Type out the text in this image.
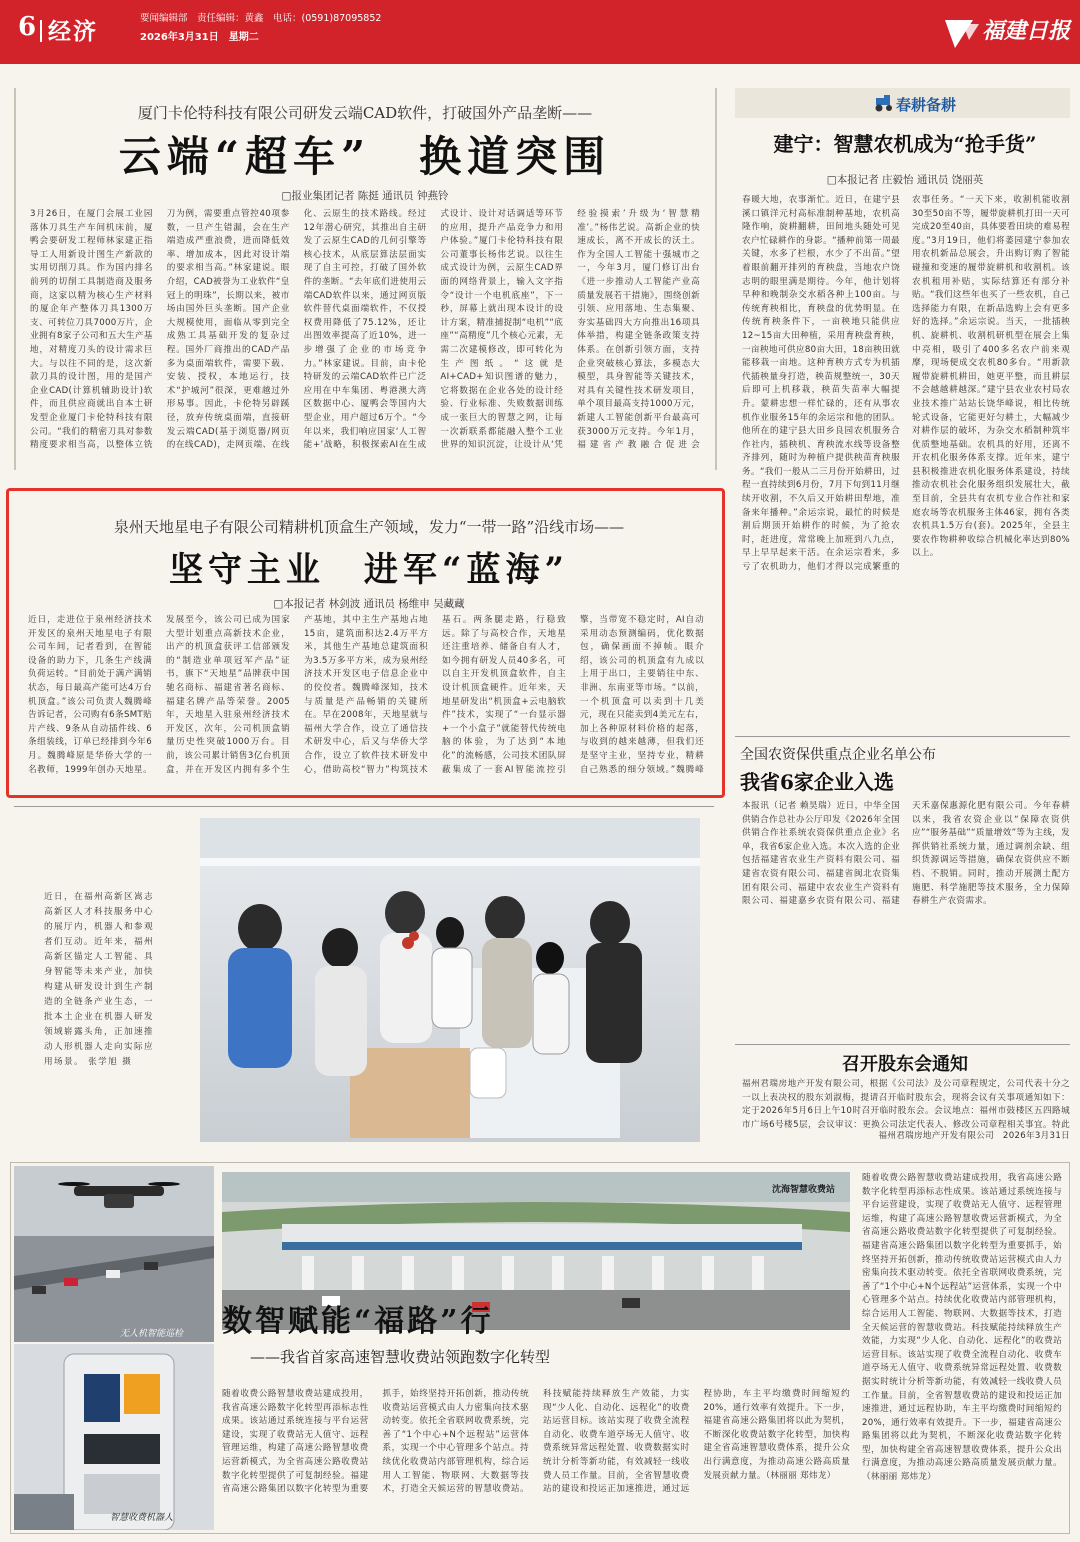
6 经济	要闻编辑部　责任编辑：黄鑫　电话：(0591)87095852
2026年3月31日　星期二	福建日报
厦门卡伦特科技有限公司研发云端CAD软件，打破国外产品垄断——
云端“超车”　换道突围
□报业集团记者 陈挺 通讯员 钟燕铃
3月26日，在厦门会展工业园落体刀具生产车间机床前，厦鸭会要研发工程师林家建正指导工人用新设计图生产新款的实用切削刀具。作为国内排名前列的切削工具制造商及服务商，这家以精为核心生产材料的厦企年产整体刀具1300万支、可转位刀具7000万片，企业拥有8家子公司和五大生产基地，对精度刀头的设计需求巨大。与以往不同的是，这次新款刀具的设计图，用的是国产企业CAD(计算机辅助设计)软件，而且供应商就出自本土研发型企业厦门卡伦特科技有限公司。“我们的精密刀具对参数精度要求相当高，以整体立铣刀为例，需要重点管控40项参数，一旦产生错漏，会在生产端造成严重浪费，进而降低效率、增加成本，因此对设计端的要求相当高。”林家建说。眼介绍，CAD被誉为工业软件“皇冠上的明珠”，长期以来，被市场由国外巨头垄断。国产企业大规模使用，面临从零到完全成熟工具基础开发的复杂过程。国外厂商推出的CAD产品多为桌面端软件，需要下载、安装、授权，本地运行，技术“护城河”很深，更难越过外形易事。因此，卡伦特另辟蹊径，放弃传统桌面端，直接研发云端CAD(基于浏览器/网页的在线CAD)，走网页端、在线化、云原生的技术路线。经过12年潜心研究，其推出自主研发了云原生CAD的几何引擎等核心技术，从底层算法层面实现了自主可控，打破了国外软件的垄断。“去年底们进使用云端CAD软件以来，通过网页版软件替代桌面端软件，不仅授权费用降低了75.12%，还让出图效率提高了近10%，进一步增强了企业的市场竞争力。”林家建说。目前，由卡伦特研发的云端CAD软件已广泛应用在中车集团、粤港澳大湾区数据中心、厦鸭会等国内大型企业，用户超过6万个。“今年以来，我们响应国家‘人工智能+’战略，积极探索AI在生成式设计、设计对话调适等环节的应用，提升产品竞争力和用户体验。”厦门卡伦特科技有限公司董事长杨伟艺说。以往生成式设计为例，云原生CAD界面的网络背景上，输入文字指令“设计一个电机底座”，下一秒，屏幕上就出现本设计的设计方案，精准捕捉制“电机”“底座”“高精度”几个核心元素，无需二次建模修改，即可转化为生产图纸。“这就是AI+CAD+知识图谱的魅力，它将数据在企业各处的设计经验、行业标准、失败数据训练成一张巨大的智慧之网，让每一次新联系都能融入整个工业世界的知识沉淀，让设计从‘凭经验摸索’升级为‘智慧精准’。”杨伟艺说。高新企业的快速成长，离不开成长的沃土。作为全国人工智能十强城市之一，今年3月，厦门修订出台《进一步推动人工智能产业高质量发展若干措施》，围绕创新引领、应用落地、生态集聚、夯实基础四大方向推出16项具体举措，构建全链条政策支持体系。在创新引领方面，支持企业突破核心算法，多模态大模型，具身智能等关键技术，对具有关键性技术研发项目，单个项目最高支持1000万元，新建人工智能创新平台最高可获3000万元支持。今年1月，福建省产教融合促进会
泉州天地星电子有限公司精耕机顶盒生产领域，发力“一带一路”沿线市场——
坚守主业　进军“蓝海”
□本报记者 林剑波 通讯员 杨维申 吴藏藏
近日，走进位于泉州经济技术开发区的泉州天地星电子有限公司车间，记者看到，在智能设备的助力下，几条生产线满负荷运转。“目前处于满产满销状态，每日最高产能可达4万台机顶盒。”该公司负责人魏腾峰告诉记者，公司购有6条SMT贴片产线、9条从自动插件线、6条组装线，订单已经排到今年6月。魏腾峰原是华侨大学的一名教师，1999年创办天地星。发展至今，该公司已成为国家大型计划重点高新技术企业，出产的机顶盒获评工信部颁发的“制造业单项冠军产品”证书，旗下“天地星”品牌获中国驰名商标、福建省著名商标、福建名牌产品等荣誉。2005年，天地星入驻泉州经济技术开发区，次年，公司机顶盒销量历史性突破1000万台。目前，该公司累计销售3亿台机顶盒，并在开发区内拥有多个生产基地，其中主生产基地占地15亩，建筑面积达2.4万平方米，其他生产基地总建筑面积为3.5万多平方米，成为泉州经济技术开发区电子信息企业中的佼佼者。魏腾峰深知，技术与质量是产品畅销的关键所在。早在2008年，天地星就与福州大学合作，设立了通信技术研发中心，后又与华侨大学合作，设立了软件技术研发中心，借助高校“智力”构筑技术基石。两条腿走路，行稳致远。除了与高校合作，天地星还注重培养、储备自有人才，如今拥有研发人员40多名，可以自主开发机顶盒软件，自主设计机顶盒硬件。近年来，天地星研发出“机顶盒+云电脑软件”技术，实现了“一台显示器+一个小盒子”就能替代传统电脑的体验，为了达到“本地化”的流畅感，公司技术团队屏蔽集成了一套AI智能流控引擎，当带宽不稳定时，AI自动采用动态预测编码，优化数据包，确保画面不掉帧。眼介绍，该公司的机顶盒有九成以上用于出口，主要销往中东、非洲、东南亚等市场。“以前，一个机顶盒可以卖到十几美元，现在只能卖到4美元左右，加上各种原材料价格的起落，与收到的越来越薄，但我们还是坚守主业，坚持专业，精耕自己熟悉的细分领域。”魏腾峰
近日，在福州高新区嵩志高新区人才科技服务中心的展厅内，机器人和参观者们互动。近年来，福州高新区锚定人工智能、具身智能等未来产业，加快构建从研发设计到生产制造的全链条产业生态，一批本土企业在机器人研发领域崭露头角，正加速推动人形机器人走向实际应用场景。 张学旭 摄
春耕备耕
建宁：智慧农机成为“抢手货”
□本报记者 庄毅怡 通讯员 饶丽英
春暖大地，农事渐忙。近日，在建宁县溪口镇洋元村高标准制种基地，农机高隆作响，旋耕翻耕，田间地头随处可见农户忙碌耕作的身影。“播种前第一周最关键，水多了栏根，水少了不出苗。”望着眼前翻开排列的育秧盘，当地农户饶志明的眼里满是期待。今年，他计划将早种和晚制杂交水稻各种上100亩。与传统育秧相比，育秧盘的优势明显。在传统育秧条件下，一亩秧地只能供应12~15亩大田种植，采用育秧盘育秧，一亩秧地可供应80亩大田，18亩秧田就能移栽一亩地。这种育秧方式专为机插代插秧量身打造，秧苗规整统一，30天后即可上机移栽，秧苗失苗率大幅提升。蒙耕忠想一样忙碌的，还有从事农机作业服务15年的余运宗和他的团队。他所在的建宁县大田乡良园农机服务合作社内，插秧机、育秧流水线等设备整齐排列，随时为种植户提供秧苗育秧服务。“我们一般从二三月份开始耕田，过程一直持续到6月份，7月下旬到11月继续开收割，不久后又开始耕田犁地，准备来年播种。”余运宗说，最忙的时候是割后期顶开始耕作的时候，为了抢农时，赶进度，常常晚上加班到八九点，早上早早起来干活。在余运宗看来，多亏了农机助力，他们才得以完成繁重的农事任务。“一天下来，收割机能收割30至50亩不等，履带旋耕机打田一天可完成20至40亩，具体要看田块的难易程度。”3月19日，他们将萎园建宁参加农用农机新品总展会，升出购订购了智能碰撞和变速的履带旋耕机和收割机。该农机租用补贴，实际结算还有部分补贴。“我们这些年也买了一些农机，自己选择能力有限，在新品选购上会有更多好的选择。”余运宗说。当天，一批插秧机、旋耕机、收割机研机型在展会上集中亮相，吸引了400多名农户前来观摩，现场便成交农机80多台。“用新款履带旋耕机耕田，她更平整，而且耕层不会越越耕越深。”建宁县农业农村局农业技术推广站站长饶华峰说，相比传统轮式设备，它能更好匀耕土，大幅减少对耕作层的破坏，为杂交水稻制种筑牢优质整地基础。农机具的好用，还离不开农机化服务体系支撑。近年来，建宁县积极推进农机化服务体系建设，持续推动农机社会化服务组织发展壮大，截至目前，全县共有农机专业合作社和家庭农场等农机服务主体46家，拥有各类农机具1.5万台(套)。2025年，全县主要农作物耕种收综合机械化率达到80%以上。
全国农资保供重点企业名单公布
我省6家企业入选
本报讯（记者 赖昊瑞）近日，中华全国供销合作总社办公厅印发《2026年全国供销合作社系统农资保供重点企业》名单，我省6家企业入选。本次入选的企业包括福建省农业生产资料有限公司、福建省农资有限公司、福建省闽北农资集团有限公司、福建中农农业生产资料有限公司、福建嘉乡农资有限公司、福建天禾嘉保惠源化肥有限公司。今年春耕以来，我省农资企业以“保障农资供应”“服务基础”“质量增效”等为主线，发挥供销社系统力量，通过调剂余缺、组织货源调运等措施，确保农资供应不断档、不脱销。同时，推动开展测土配方施肥、科学施肥等技术服务，全力保障春耕生产农资需求。
召开股东会通知
福州君瑞房地产开发有限公司，根据《公司法》及公司章程规定，公司代表十分之一以上表决权的股东刘淑梅，提请召开临时股东会，现将会议有关事项通知如下：定于2026年5月6日上午10时召开临时股东会。会议地点：福州市鼓楼区五四路城市广场6号楼5层，会议审议：更换公司法定代表人、修改公司章程相关事宜。特此
福州君瑞房地产开发有限公司　2026年3月31日
无人机智能巡检
智慧收费机器人
沈海智慧收费站
数智赋能“福路”行
——我省首家高速智慧收费站领跑数字化转型
随着收费公路智慧收费站建成投用，我省高速公路数字化转型再添标志性成果。该站通过系统连接与平台运营建设，实现了收费站无人值守、远程管理运维，构建了高速公路智慧收费运营新模式，为全省高速公路收费站数字化转型提供了可复制经验。福建省高速公路集团以数字化转型为重要抓手，始终坚持开拓创新，推动传统收费站运营模式由人力密集向技术驱动转变。依托全省联网收费系统，完善了“1个中心+N个远程站”运营体系，实现一个中心管理多个站点。持续优化收费站内部管理机构，综合运用人工智能、物联网、大数据等技术，打造全天候运营的智慧收费站。科技赋能持续释放生产效能，力实现“少人化、自动化、远程化”的收费站运营目标。该站实现了收费全流程自动化、收费车道亭场无人值守、收费系统异常远程处置、收费数据实时统计分析等新功能，有效减轻一线收费人员工作量。目前，全省智慧收费站的建设和投运正加速推进，通过远程协助，车主平均缴费时间缩短约20%，通行效率有效提升。下一步，福建省高速公路集团将以此为契机，不断深化收费站数字化转型，加快构建全省高速智慧收费体系，提升公众出行满意度，为推动高速公路高质量发展贡献力量。（林丽丽 郑炜龙）
随着收费公路智慧收费站建成投用，我省高速公路数字化转型再添标志性成果。该站通过系统连接与平台运营建设，实现了收费站无人值守、远程管理运维，构建了高速公路智慧收费运营新模式，为全省高速公路收费站数字化转型提供了可复制经验。福建省高速公路集团以数字化转型为重要抓手，始终坚持开拓创新，推动传统收费站运营模式由人力密集向技术驱动转变。依托全省联网收费系统，完善了“1个中心+N个远程站”运营体系，实现一个中心管理多个站点。持续优化收费站内部管理机构，综合运用人工智能、物联网、大数据等技术，打造全天候运营的智慧收费站。科技赋能持续释放生产效能，力实现“少人化、自动化、远程化”的收费站运营目标。该站实现了收费全流程自动化、收费车道亭场无人值守、收费系统异常远程处置、收费数据实时统计分析等新功能，有效减轻一线收费人员工作量。目前，全省智慧收费站的建设和投运正加速推进，通过远程协助，车主平均缴费时间缩短约20%，通行效率有效提升。下一步，福建省高速公路集团将以此为契机，不断深化收费站数字化转型，加快构建全省高速智慧收费体系，提升公众出行满意度，为推动高速公路高质量发展贡献力量。（林丽丽 郑炜龙）
